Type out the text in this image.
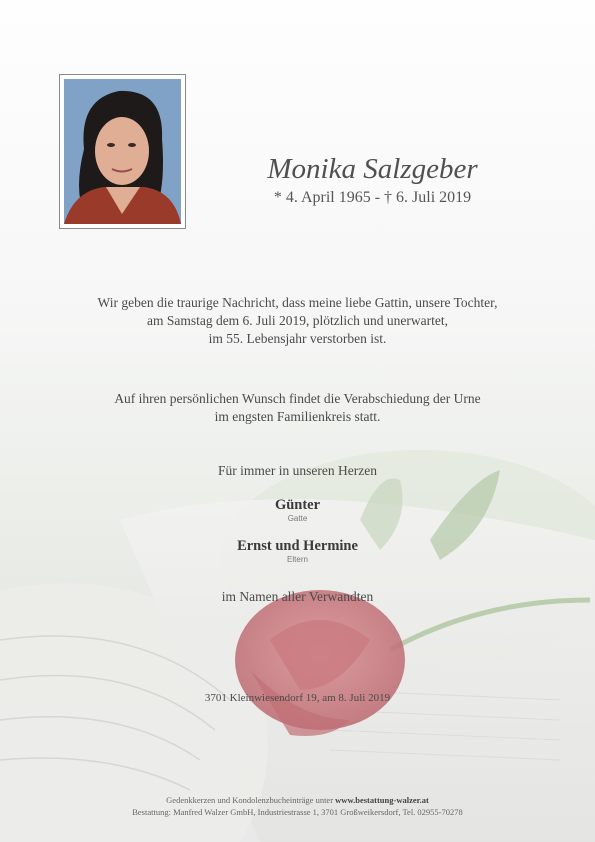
Monika Salzgeber
* 4. April 1965 - † 6. Juli 2019
Wir geben die traurige Nachricht, dass meine liebe Gattin, unsere Tochter,
am Samstag dem 6. Juli 2019, plötzlich und unerwartet,
im 55. Lebensjahr verstorben ist.
Auf ihren persönlichen Wunsch findet die Verabschiedung der Urne
im engsten Familienkreis statt.
Für immer in unseren Herzen
Günter
Gatte
Ernst und Hermine
Eltern
im Namen aller Verwandten
3701 Kleinwiesendorf 19, am 8. Juli 2019
Gedenkkerzen und Kondolenzbucheinträge unter www.bestattung-walzer.at
Bestattung: Manfred Walzer GmbH, Industriestrasse 1, 3701 Großweikersdorf, Tel. 02955-70278
